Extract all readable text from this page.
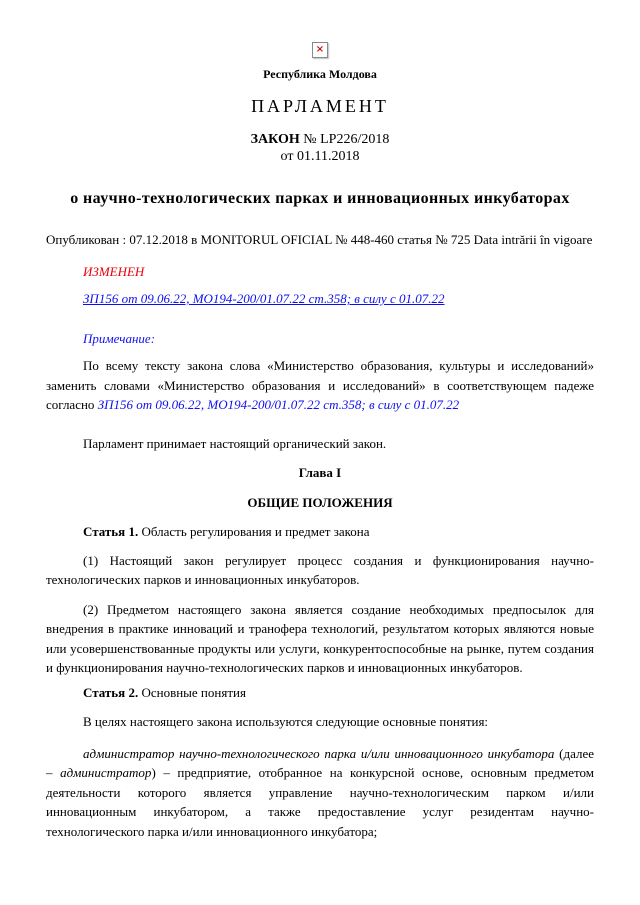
×

Республика Молдова

ПАРЛАМЕНТ

ЗАКОН № LP226/2018
от 01.11.2018

о научно-технологических парках и инновационных инкубаторах

Опубликован : 07.12.2018 в MONITORUL OFICIAL № 448-460 статья № 725 Data intrării în vigoare

ИЗМЕНЕН

ЗП156 от 09.06.22, МО194-200/01.07.22 ст.358; в силу с 01.07.22

Примечание:

По всему тексту закона слова «Министерство образования, культуры и исследований» заменить словами «Министерство образования и исследований» в соответствующем падеже согласно ЗП156 от 09.06.22, МО194-200/01.07.22 ст.358; в силу с 01.07.22

Парламент принимает настоящий органический закон.

Глава I

ОБЩИЕ ПОЛОЖЕНИЯ

Статья 1. Область регулирования и предмет закона

(1) Настоящий закон регулирует процесс создания и функционирования научно-технологических парков и инновационных инкубаторов.

(2) Предметом настоящего закона является создание необходимых предпосылок для внедрения в практике инноваций и транофера технологий, результатом которых являются новые или усовершенствованные продукты или услуги, конкурентоспособные на рынке, путем создания и функционирования научно-технологических парков и инновационных инкубаторов.

Статья 2. Основные понятия

В целях настоящего закона используются следующие основные понятия:

администратор научно-технологического парка и/или инновационного инкубатора (далее – администратор) – предприятие, отобранное на конкурсной основе, основным предметом деятельности которого является управление научно-технологическим парком и/или инновационным инкубатором, а также предоставление услуг резидентам научно-технологического парка и/или инновационного инкубатора;
